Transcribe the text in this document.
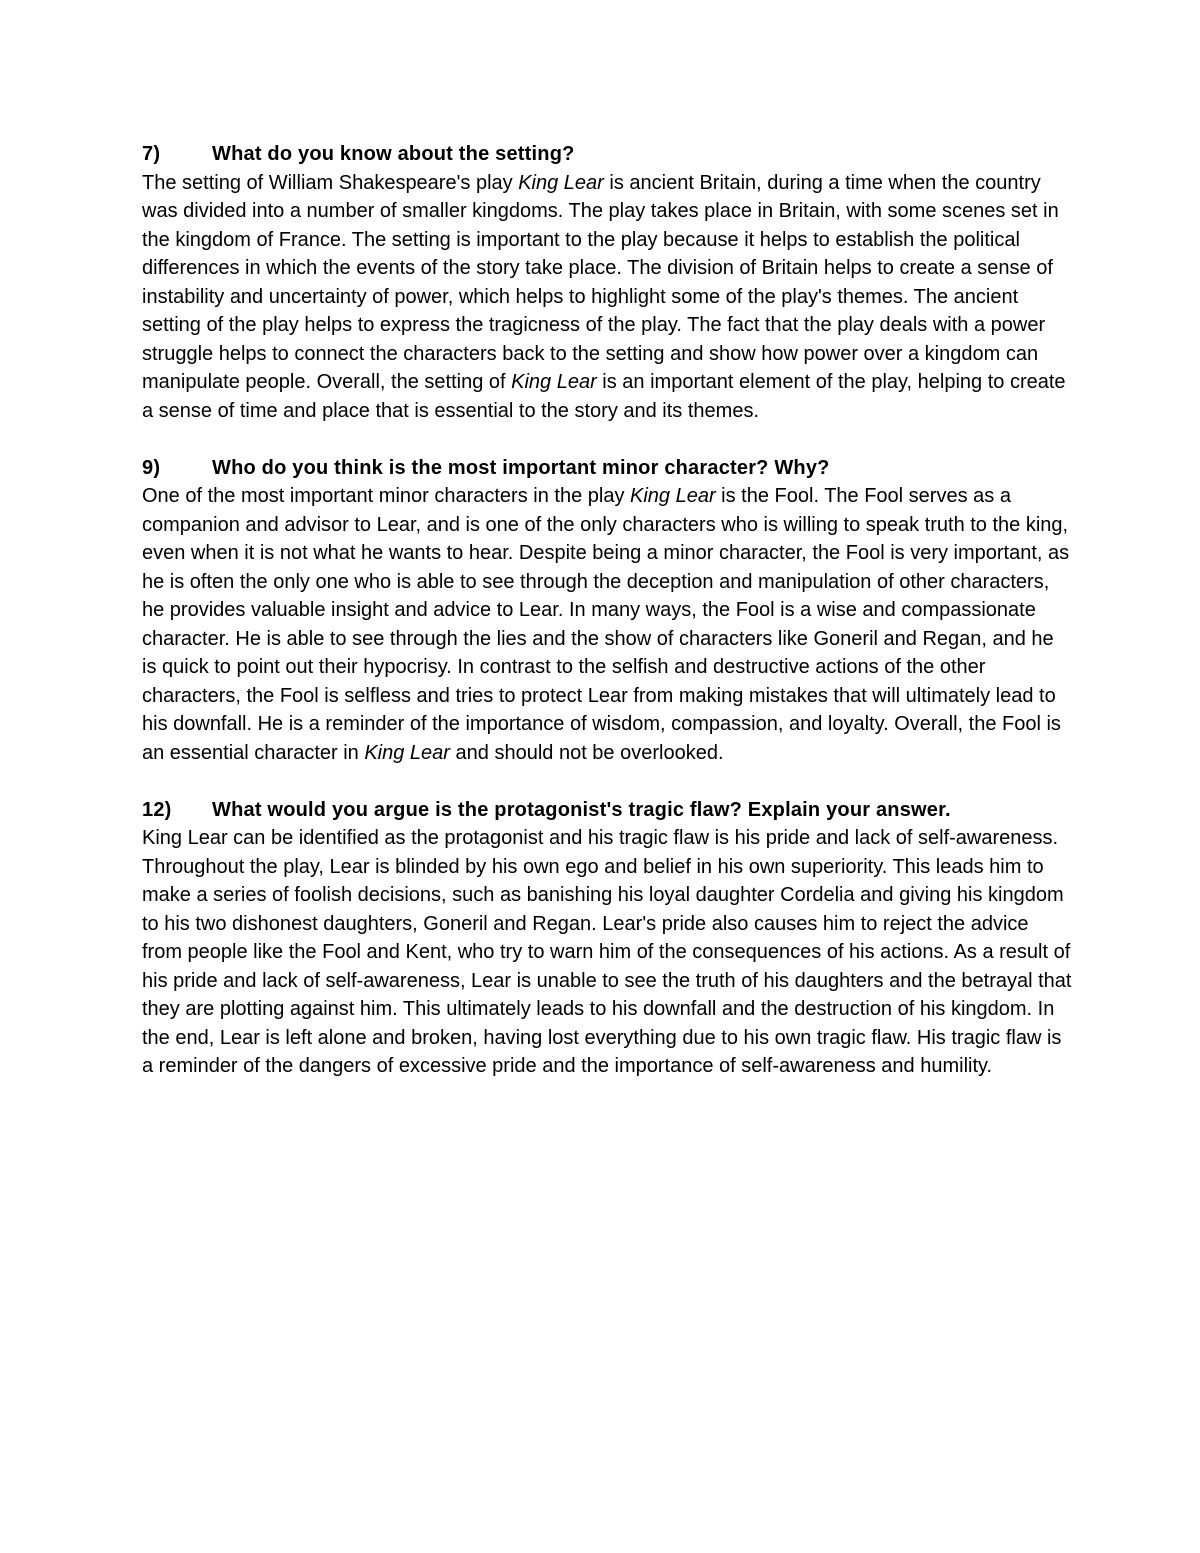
7)	What do you know about the setting?

The setting of William Shakespeare's play King Lear is ancient Britain, during a time when the country was divided into a number of smaller kingdoms. The play takes place in Britain, with some scenes set in the kingdom of France. The setting is important to the play because it helps to establish the political differences in which the events of the story take place. The division of Britain helps to create a sense of instability and uncertainty of power, which helps to highlight some of the play's themes. The ancient setting of the play helps to express the tragicness of the play. The fact that the play deals with a power struggle helps to connect the characters back to the setting and show how power over a kingdom can manipulate people. Overall, the setting of King Lear is an important element of the play, helping to create a sense of time and place that is essential to the story and its themes.

9)	Who do you think is the most important minor character? Why?

One of the most important minor characters in the play King Lear is the Fool. The Fool serves as a companion and advisor to Lear, and is one of the only characters who is willing to speak truth to the king, even when it is not what he wants to hear. Despite being a minor character, the Fool is very important, as he is often the only one who is able to see through the deception and manipulation of other characters, he provides valuable insight and advice to Lear. In many ways, the Fool is a wise and compassionate character. He is able to see through the lies and the show of characters like Goneril and Regan, and he is quick to point out their hypocrisy. In contrast to the selfish and destructive actions of the other characters, the Fool is selfless and tries to protect Lear from making mistakes that will ultimately lead to his downfall. He is a reminder of the importance of wisdom, compassion, and loyalty. Overall, the Fool is an essential character in King Lear and should not be overlooked.

12) What would you argue is the protagonist's tragic flaw? Explain your answer.

King Lear can be identified as the protagonist and his tragic flaw is his pride and lack of self-awareness. Throughout the play, Lear is blinded by his own ego and belief in his own superiority. This leads him to make a series of foolish decisions, such as banishing his loyal daughter Cordelia and giving his kingdom to his two dishonest daughters, Goneril and Regan. Lear's pride also causes him to reject the advice from people like the Fool and Kent, who try to warn him of the consequences of his actions. As a result of his pride and lack of self-awareness, Lear is unable to see the truth of his daughters and the betrayal that they are plotting against him. This ultimately leads to his downfall and the destruction of his kingdom. In the end, Lear is left alone and broken, having lost everything due to his own tragic flaw. His tragic flaw is a reminder of the dangers of excessive pride and the importance of self-awareness and humility.
